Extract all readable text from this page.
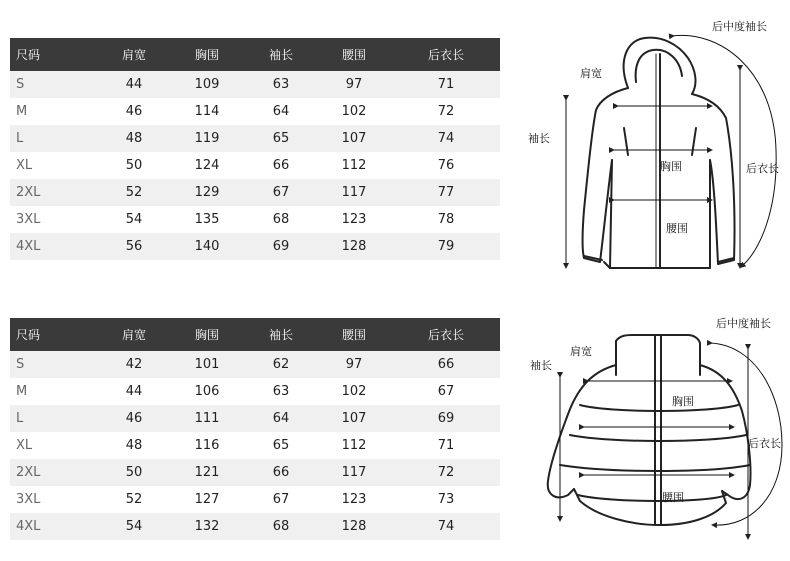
尺码	肩宽	胸围	袖长	腰围	后衣长
S	44	109	63	97	71
M	46	114	64	102	72
L	48	119	65	107	74
XL	50	124	66	112	76
2XL	52	129	67	117	77
3XL	54	135	68	123	78
4XL	56	140	69	128	79
尺码	肩宽	胸围	袖长	腰围	后衣长
S	42	101	62	97	66
M	44	106	63	102	67
L	46	111	64	107	69
XL	48	116	65	112	71
2XL	50	121	66	117	72
3XL	52	127	67	123	73
4XL	54	132	68	128	74
后中度袖长
肩宽
袖长
胸围	后衣长
腰围
后中度袖长
肩宽
袖长
胸围
后衣长
腰围
